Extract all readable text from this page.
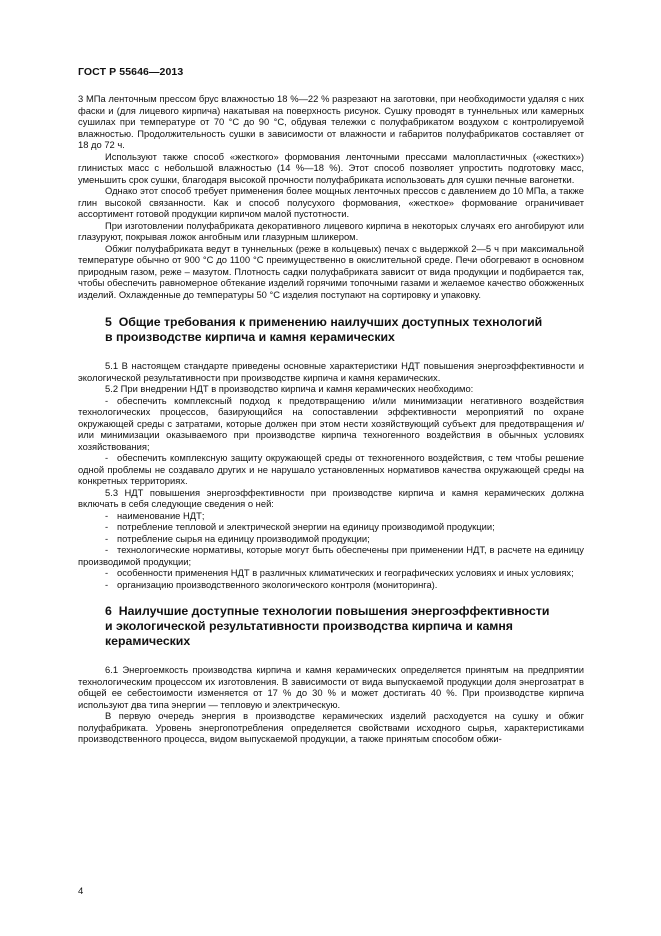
ГОСТ Р 55646—2013

3 МПа ленточным прессом брус влажностью 18 %—22 % разрезают на заготовки, при необходимости удаляя с них фаски и (для лицевого кирпича) накатывая на поверхность рисунок. Сушку проводят в туннельных или камерных сушилах при температуре от 70 °С до 90 °С, обдувая тележки с полуфабрикатом воздухом с контролируемой влажностью. Продолжительность сушки в зависимости от влажности и габаритов полуфабрикатов составляет от 18 до 72 ч.

Используют также способ «жесткого» формования ленточными прессами малопластичных («жестких») глинистых масс с небольшой влажностью (14 %—18 %). Этот способ позволяет упростить подготовку масс, уменьшить срок сушки, благодаря высокой прочности полуфабриката использовать для сушки печные вагонетки.

Однако этот способ требует применения более мощных ленточных прессов с давлением до 10 МПа, а также глин высокой связанности. Как и способ полусухого формования, «жесткое» формование ограничивает ассортимент готовой продукции кирпичом малой пустотности.

При изготовлении полуфабриката декоративного лицевого кирпича в некоторых случаях его ангобируют или глазуруют, покрывая ложок ангобным или глазурным шликером.

Обжиг полуфабриката ведут в туннельных (реже в кольцевых) печах с выдержкой 2—5 ч при максимальной температуре обычно от 900 °С до 1100 °С преимущественно в окислительной среде. Печи обогревают в основном природным газом, реже – мазутом. Плотность садки полуфабриката зависит от вида продукции и подбирается так, чтобы обеспечить равномерное обтекание изделий горячими топочными газами и желаемое качество обожженных изделий. Охлажденные до температуры 50 °С изделия поступают на сортировку и упаковку.

5 Общие требования к применению наилучших доступных технологий
в производстве кирпича и камня керамических

5.1 В настоящем стандарте приведены основные характеристики НДТ повышения энергоэффективности и экологической результативности при производстве кирпича и камня керамических.

5.2 При внедрении НДТ в производство кирпича и камня керамических необходимо:

- обеспечить комплексный подход к предотвращению и/или минимизации негативного воздействия технологических процессов, базирующийся на сопоставлении эффективности мероприятий по охране окружающей среды с затратами, которые должен при этом нести хозяйствующий субъект для предотвращения и/или минимизации оказываемого при производстве кирпича техногенного воздействия в обычных условиях хозяйствования;

- обеспечить комплексную защиту окружающей среды от техногенного воздействия, с тем чтобы решение одной проблемы не создавало других и не нарушало установленных нормативов качества окружающей среды на конкретных территориях.

5.3 НДТ повышения энергоэффективности при производстве кирпича и камня керамических должна включать в себя следующие сведения о ней:

- наименование НДТ;

- потребление тепловой и электрической энергии на единицу производимой продукции;

- потребление сырья на единицу производимой продукции;

- технологические нормативы, которые могут быть обеспечены при применении НДТ, в расчете на единицу производимой продукции;

- особенности применения НДТ в различных климатических и географических условиях и иных условиях;

- организацию производственного экологического контроля (мониторинга).

6 Наилучшие доступные технологии повышения энергоэффективности
и экологической результативности производства кирпича и камня
керамических

6.1 Энергоемкость производства кирпича и камня керамических определяется принятым на предприятии технологическим процессом их изготовления. В зависимости от вида выпускаемой продукции доля энергозатрат в общей ее себестоимости изменяется от 17 % до 30 % и может достигать 40 %. При производстве кирпича используют два типа энергии — тепловую и электрическую.

В первую очередь энергия в производстве керамических изделий расходуется на сушку и обжиг полуфабриката. Уровень энергопотребления определяется свойствами исходного сырья, характеристиками производственного процесса, видом выпускаемой продукции, а также принятым способом обжи-

4
